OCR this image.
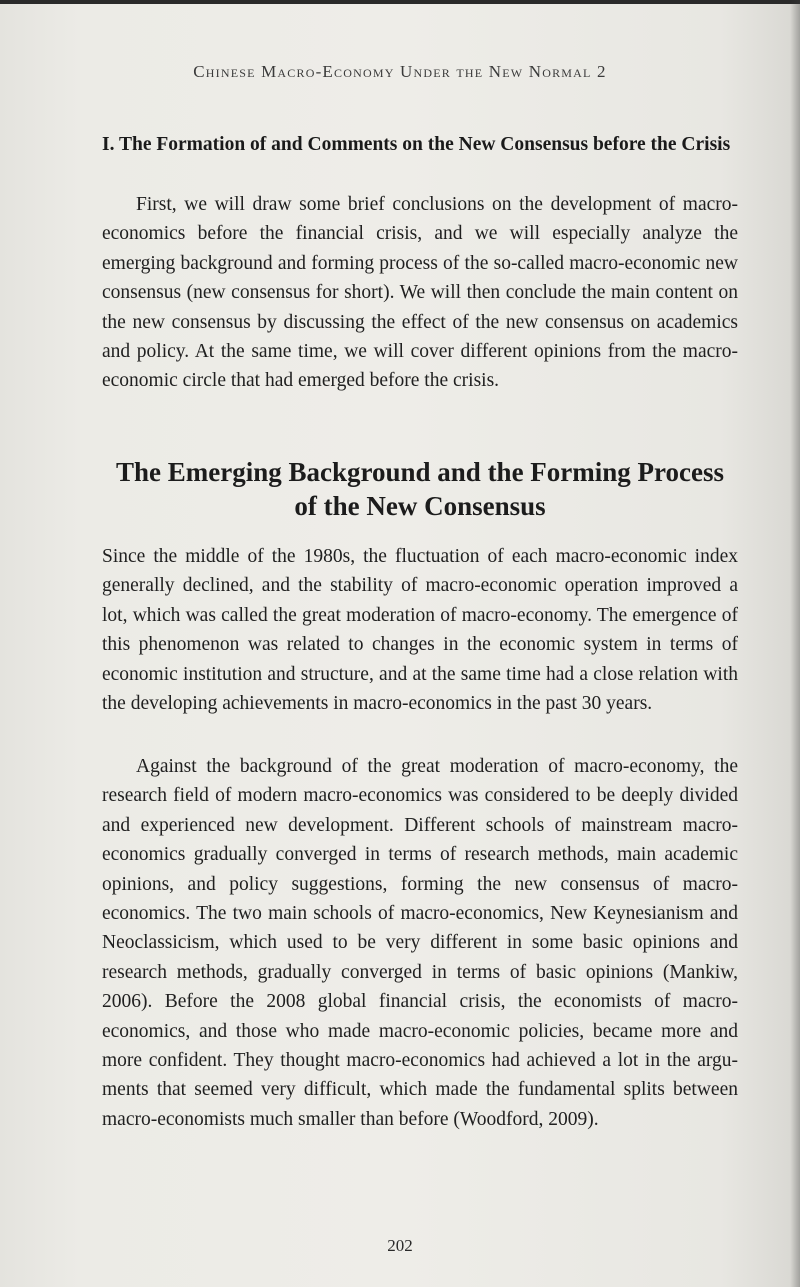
Chinese Macro-Economy Under the New Normal 2
I. The Formation of and Comments on the New Consensus before the Crisis

First, we will draw some brief conclusions on the development of macro-economics before the financial crisis, and we will especially analyze the emerging background and forming process of the so-called macro-economic new consensus (new consensus for short). We will then conclude the main content on the new consensus by discussing the effect of the new consensus on academics and policy. At the same time, we will cover different opinions from the macro-economic circle that had emerged before the crisis.

The Emerging Background and the Forming Process of the New Consensus

Since the middle of the 1980s, the fluctuation of each macro-economic index generally declined, and the stability of macro-economic operation improved a lot, which was called the great moderation of macro-economy. The emergence of this phenomenon was related to changes in the economic system in terms of economic institution and structure, and at the same time had a close relation with the developing achievements in macro-economics in the past 30 years.

Against the background of the great moderation of macro-economy, the research field of modern macro-economics was considered to be deeply divided and experienced new development. Different schools of mainstream macro-economics gradually converged in terms of research methods, main academic opinions, and policy suggestions, forming the new consensus of macro-economics. The two main schools of macro-economics, New Keynesianism and Neoclassicism, which used to be very different in some basic opinions and research methods, gradually converged in terms of basic opinions (Mankiw, 2006). Before the 2008 global financial crisis, the economists of macro-economics, and those who made macro-economic policies, became more and more confident. They thought macro-economics had achieved a lot in the arguments that seemed very difficult, which made the fundamental splits between macro-economists much smaller than before (Woodford, 2009).

202
